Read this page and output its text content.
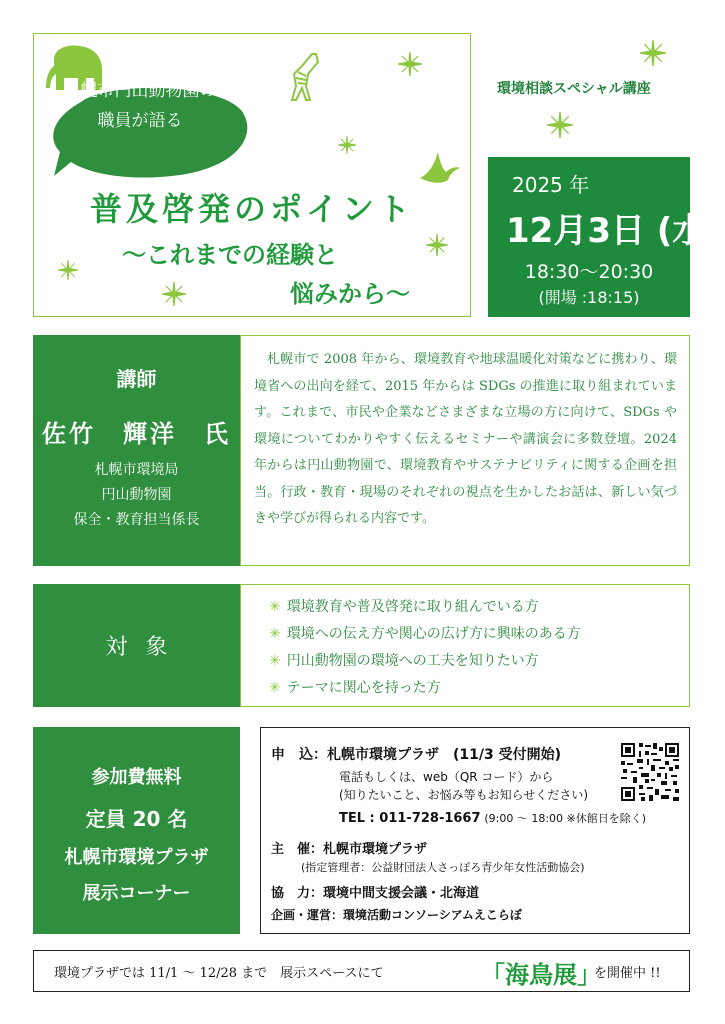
札幌市円山動物園の
職員が語る
普及啓発のポイント
〜これまでの経験と
悩みから〜
環境相談スペシャル講座
2025 年
12月3日 (水)
18:30〜20:30
(開場 :18:15)
講師
佐竹　輝洋　氏
札幌市環境局
円山動物園
保全・教育担当係長

札幌市で 2008 年から、環境教育や地球温暖化対策などに携わり、環境省への出向を経て、2015 年からは SDGs の推進に取り組まれています。これまで、市民や企業などさまざまな立場の方に向けて、SDGs や環境についてわかりやすく伝えるセミナーや講演会に多数登壇。2024 年からは円山動物園で、環境教育やサステナビリティに関する企画を担当。行政・教育・現場のそれぞれの視点を生かしたお話は、新しい気づきや学びが得られる内容です。

対象
✳ 環境教育や普及啓発に取り組んでいる方
✳ 環境への伝え方や関心の広げ方に興味のある方
✳ 円山動物園の環境への工夫を知りたい方
✳ テーマに関心を持った方
参加費無料
定員 20 名
札幌市環境プラザ
展示コーナー
申　込：札幌市環境プラザ　(11/3 受付開始)
電話もしくは、web（QR コード）から
(知りたいこと、お悩み等もお知らせください)
TEL : 011-728-1667 (9:00 〜 18:00 ※休館日を除く)
主　催：札幌市環境プラザ
(指定管理者：公益財団法人さっぽろ青少年女性活動協会)
協　力：環境中間支援会議・北海道
企画・運営：環境活動コンソーシアムえこらぼ
環境プラザでは 11/1 〜 12/28 まで　展示スペースにて	「海鳥展」
を開催中 !!
